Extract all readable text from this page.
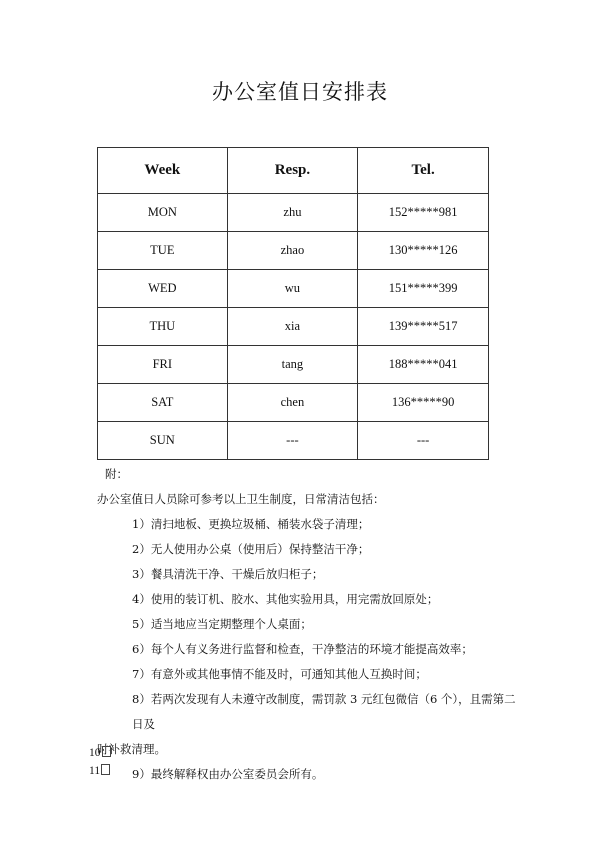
办公室值日安排表
Week	Resp.	Tel.
MON	zhu	152*****981
TUE	zhao	130*****126
WED	wu	151*****399
THU	xia	139*****517
FRI	tang	188*****041
SAT	chen	136*****90
SUN	---	---

附：

办公室值日人员除可参考以上卫生制度，日常清洁包括：

1）清扫地板、更换垃圾桶、桶装水袋子清理；

2）无人使用办公桌（使用后）保持整洁干净；

3）餐具清洗干净、干燥后放归柜子；

4）使用的装订机、胶水、其他实验用具，用完需放回原处；

5）适当地应当定期整理个人桌面；

6）每个人有义务进行监督和检查，干净整洁的环境才能提高效率；

7）有意外或其他事情不能及时，可通知其他人互换时间；

8）若两次发现有人未遵守改制度，需罚款 3 元红包微信（6 个），且需第二日及

时补救清理。

9）最终解释权由办公室委员会所有。

10
11
